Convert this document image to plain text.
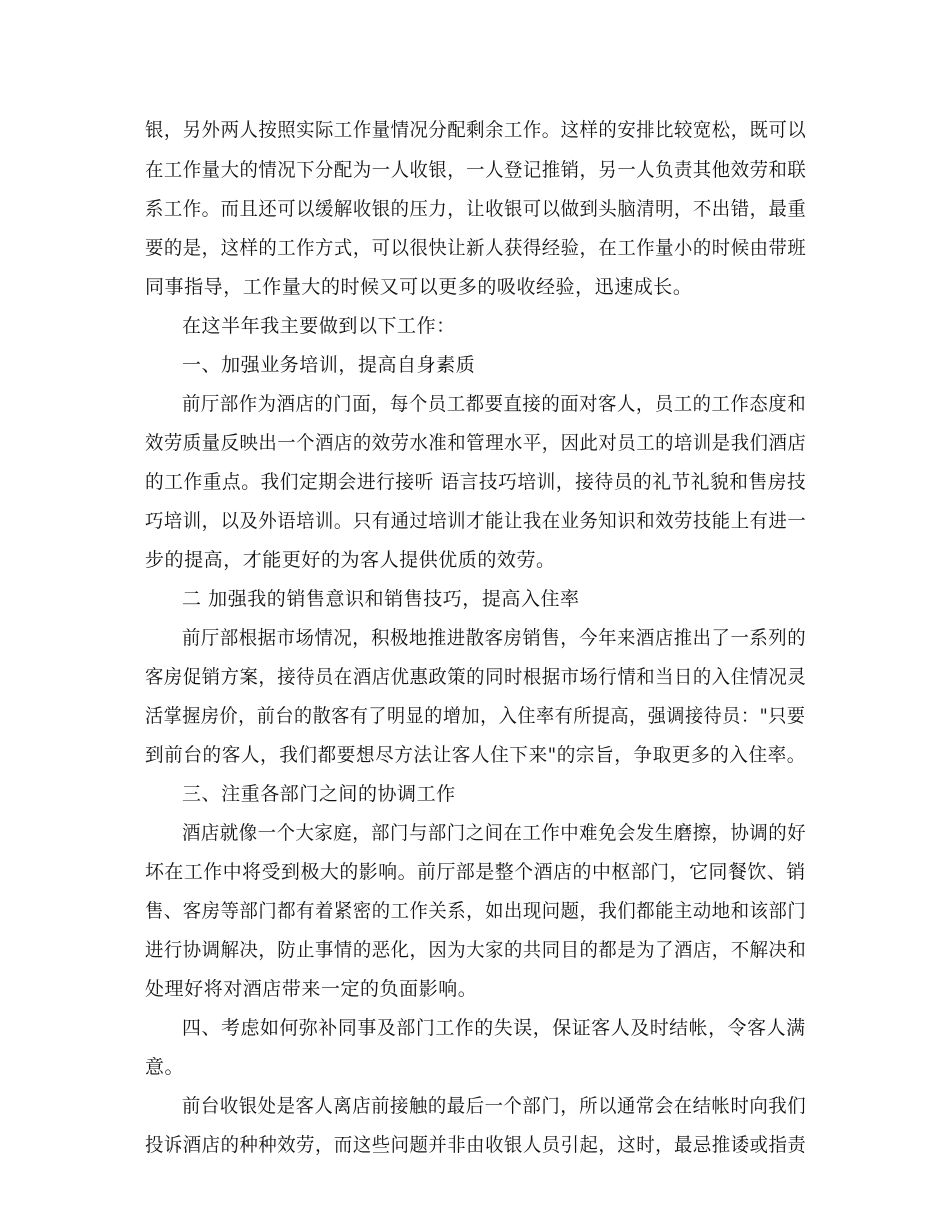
银，另外两人按照实际工作量情况分配剩余工作。这样的安排比较宽松，既可以
在工作量大的情况下分配为一人收银，一人登记推销，另一人负责其他效劳和联
系工作。而且还可以缓解收银的压力，让收银可以做到头脑清明，不出错，最重
要的是，这样的工作方式，可以很快让新人获得经验，在工作量小的时候由带班
同事指导，工作量大的时候又可以更多的吸收经验，迅速成长。
在这半年我主要做到以下工作：
一、加强业务培训，提高自身素质
前厅部作为酒店的门面，每个员工都要直接的面对客人，员工的工作态度和
效劳质量反映出一个酒店的效劳水准和管理水平，因此对员工的培训是我们酒店
的工作重点。我们定期会进行接听 语言技巧培训，接待员的礼节礼貌和售房技
巧培训，以及外语培训。只有通过培训才能让我在业务知识和效劳技能上有进一
步的提高，才能更好的为客人提供优质的效劳。
二 加强我的销售意识和销售技巧，提高入住率
前厅部根据市场情况，积极地推进散客房销售，今年来酒店推出了一系列的
客房促销方案，接待员在酒店优惠政策的同时根据市场行情和当日的入住情况灵
活掌握房价，前台的散客有了明显的增加，入住率有所提高，强调接待员："只要
到前台的客人，我们都要想尽方法让客人住下来"的宗旨，争取更多的入住率。
三、注重各部门之间的协调工作
酒店就像一个大家庭，部门与部门之间在工作中难免会发生磨擦，协调的好
坏在工作中将受到极大的影响。前厅部是整个酒店的中枢部门，它同餐饮、销
售、客房等部门都有着紧密的工作关系，如出现问题，我们都能主动地和该部门
进行协调解决，防止事情的恶化，因为大家的共同目的都是为了酒店，不解决和
处理好将对酒店带来一定的负面影响。
四、考虑如何弥补同事及部门工作的失误，保证客人及时结帐，令客人满
意。
前台收银处是客人离店前接触的最后一个部门，所以通常会在结帐时向我们
投诉酒店的种种效劳，而这些问题并非由收银人员引起，这时，最忌推诿或指责
